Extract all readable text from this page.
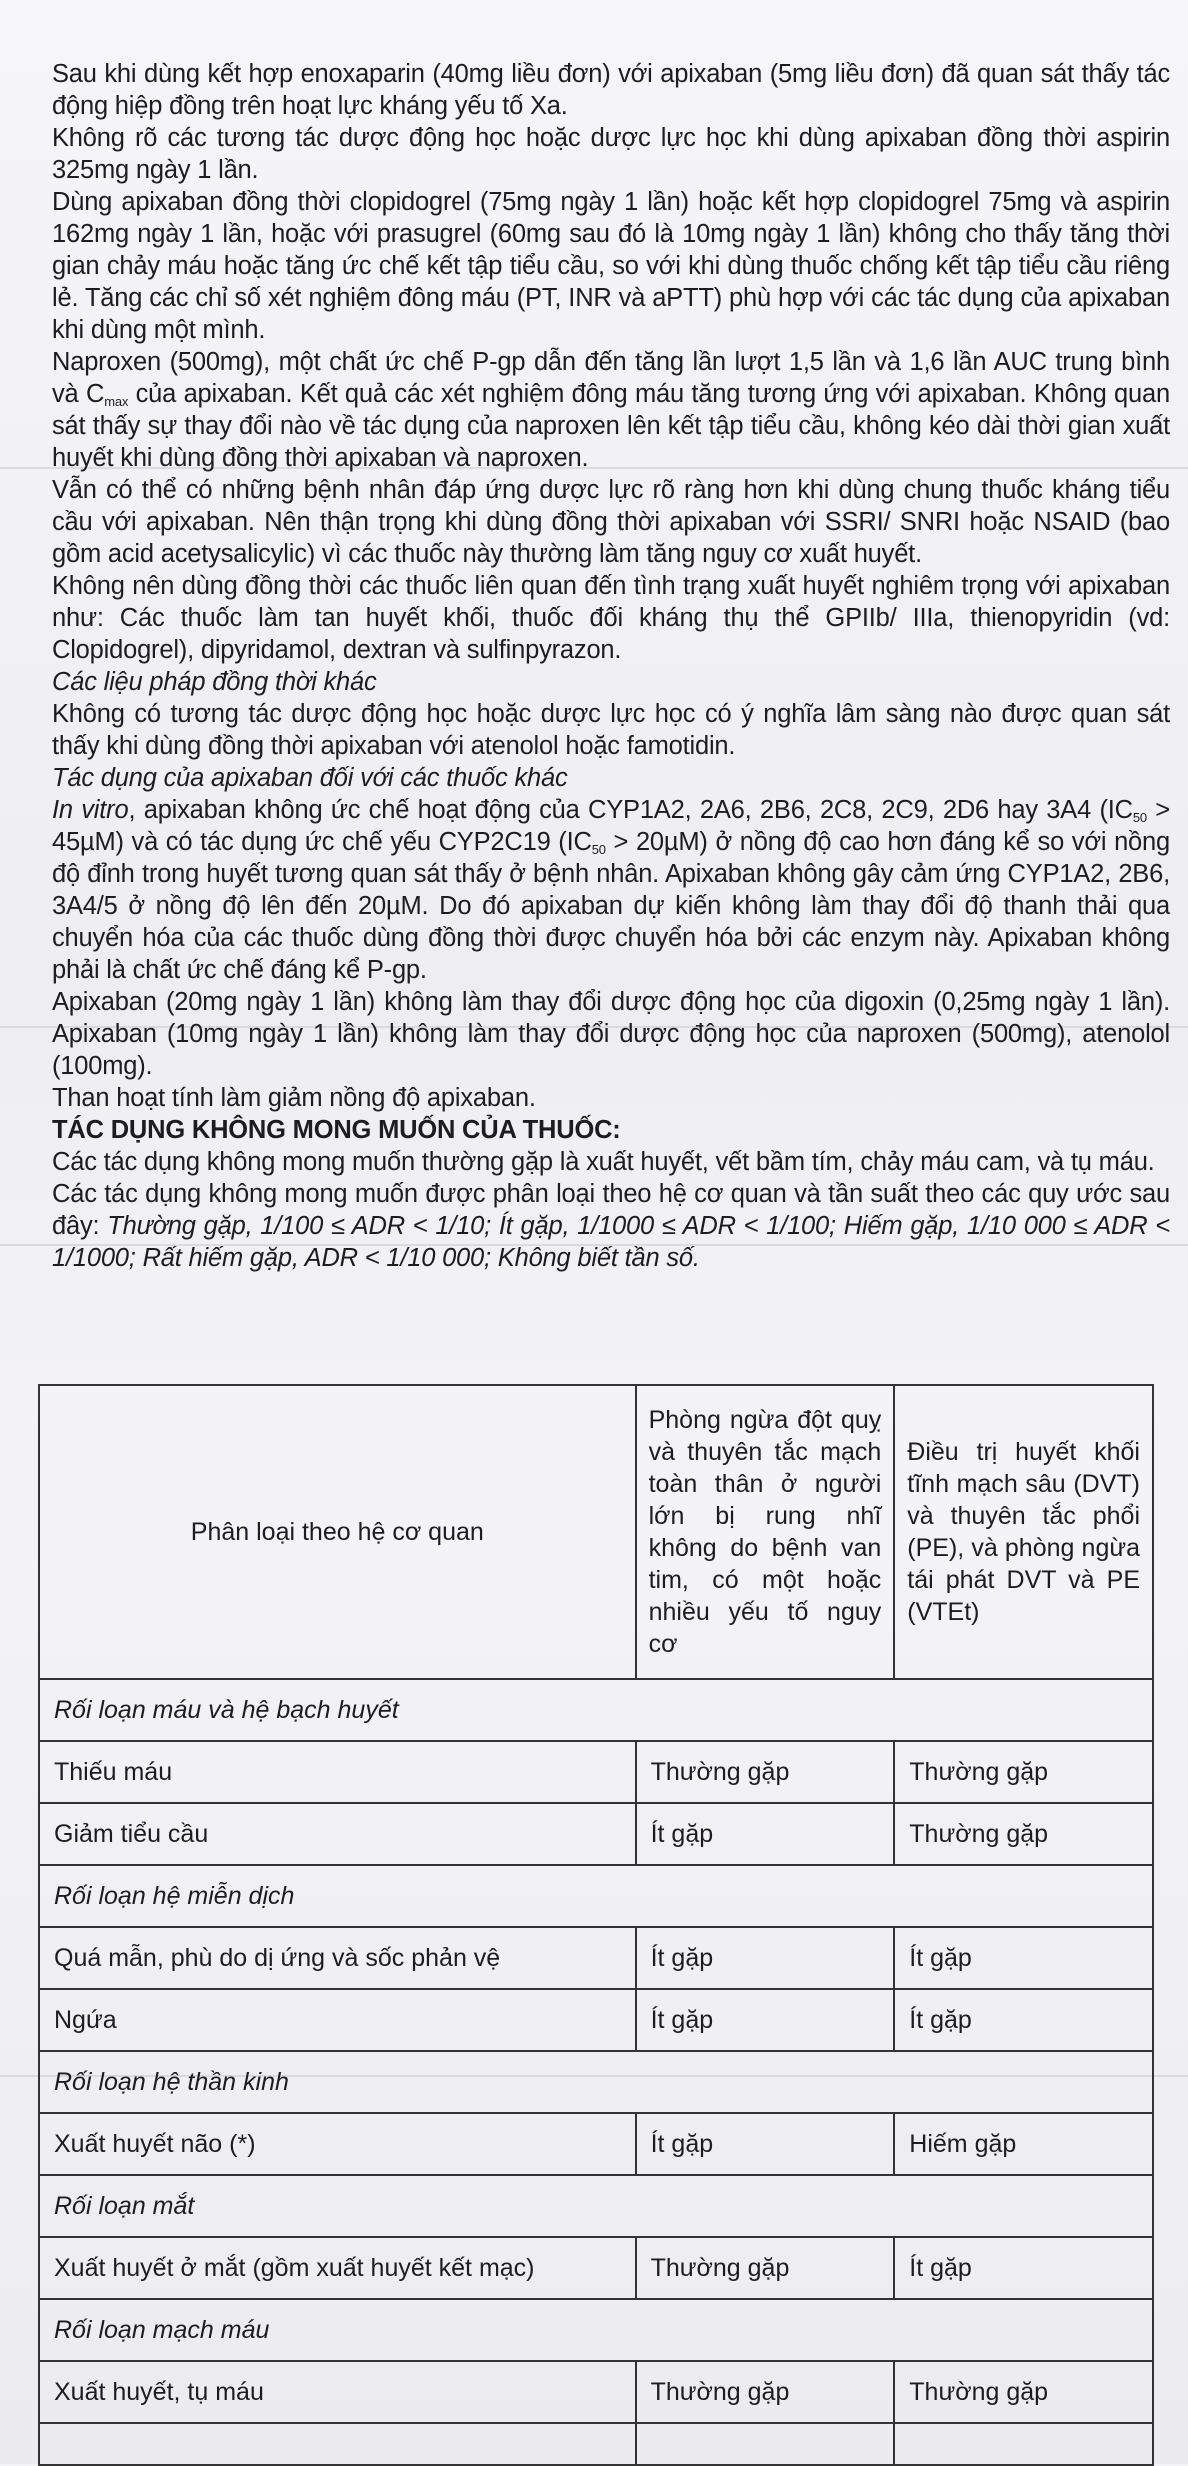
Sau khi dùng kết hợp enoxaparin (40mg liều đơn) với apixaban (5mg liều đơn) đã quan sát thấy tác động hiệp đồng trên hoạt lực kháng yếu tố Xa.

Không rõ các tương tác dược động học hoặc dược lực học khi dùng apixaban đồng thời aspirin 325mg ngày 1 lần.

Dùng apixaban đồng thời clopidogrel (75mg ngày 1 lần) hoặc kết hợp clopidogrel 75mg và aspirin 162mg ngày 1 lần, hoặc với prasugrel (60mg sau đó là 10mg ngày 1 lần) không cho thấy tăng thời gian chảy máu hoặc tăng ức chế kết tập tiểu cầu, so với khi dùng thuốc chống kết tập tiểu cầu riêng lẻ. Tăng các chỉ số xét nghiệm đông máu (PT, INR và aPTT) phù hợp với các tác dụng của apixaban khi dùng một mình.

Naproxen (500mg), một chất ức chế P-gp dẫn đến tăng lần lượt 1,5 lần và 1,6 lần AUC trung bình và $C_{max}$ của apixaban. Kết quả các xét nghiệm đông máu tăng tương ứng với apixaban. Không quan sát thấy sự thay đổi nào về tác dụng của naproxen lên kết tập tiểu cầu, không kéo dài thời gian xuất huyết khi dùng đồng thời apixaban và naproxen.

Vẫn có thể có những bệnh nhân đáp ứng dược lực rõ ràng hơn khi dùng chung thuốc kháng tiểu cầu với apixaban. Nên thận trọng khi dùng đồng thời apixaban với SSRI/ SNRI hoặc NSAID (bao gồm acid acetysalicylic) vì các thuốc này thường làm tăng nguy cơ xuất huyết.

Không nên dùng đồng thời các thuốc liên quan đến tình trạng xuất huyết nghiêm trọng với apixaban như: Các thuốc làm tan huyết khối, thuốc đối kháng thụ thể GPIIb/ IIIa, thienopyridin (vd: Clopidogrel), dipyridamol, dextran và sulfinpyrazon.

Các liệu pháp đồng thời khác

Không có tương tác dược động học hoặc dược lực học có ý nghĩa lâm sàng nào được quan sát thấy khi dùng đồng thời apixaban với atenolol hoặc famotidin.

Tác dụng của apixaban đối với các thuốc khác

In vitro, apixaban không ức chế hoạt động của CYP1A2, 2A6, 2B6, 2C8, 2C9, 2D6 hay 3A4 $(IC_{50} > 45\mu M)$ và có tác dụng ức chế yếu CYP2C19 $(IC_{50} > 20\mu M)$ ở nồng độ cao hơn đáng kể so với nồng độ đỉnh trong huyết tương quan sát thấy ở bệnh nhân. Apixaban không gây cảm ứng CYP1A2, 2B6, 3A4/5 ở nồng độ lên đến 20µM. Do đó apixaban dự kiến không làm thay đổi độ thanh thải qua chuyển hóa của các thuốc dùng đồng thời được chuyển hóa bởi các enzym này. Apixaban không phải là chất ức chế đáng kể P-gp.

Apixaban (20mg ngày 1 lần) không làm thay đổi dược động học của digoxin (0,25mg ngày 1 lần). Apixaban (10mg ngày 1 lần) không làm thay đổi dược động học của naproxen (500mg), atenolol (100mg).

Than hoạt tính làm giảm nồng độ apixaban.

TÁC DỤNG KHÔNG MONG MUỐN CỦA THUỐC:

Các tác dụng không mong muốn thường gặp là xuất huyết, vết bầm tím, chảy máu cam, và tụ máu.

Các tác dụng không mong muốn được phân loại theo hệ cơ quan và tần suất theo các quy ước sau đây: Thường gặp, 1/100 ≤ ADR < 1/10; Ít gặp, 1/1000 ≤ ADR < 1/100; Hiếm gặp, 1/10 000 ≤ ADR < 1/1000; Rất hiếm gặp, ADR < 1/10 000; Không biết tần số.

Phân loại theo hệ cơ quan	Phòng ngừa đột quỵ và thuyên tắc mạch toàn thân ở người lớn bị rung nhĩ không do bệnh van tim, có một hoặc nhiều yếu tố nguy cơ	Điều trị huyết khối tĩnh mạch sâu (DVT) và thuyên tắc phổi (PE), và phòng ngừa tái phát DVT và PE (VTEt)
Rối loạn máu và hệ bạch huyết		
Thiếu máu	Thường gặp	Thường gặp
Giảm tiểu cầu	Ít gặp	Thường gặp
Rối loạn hệ miễn dịch		
Quá mẫn, phù do dị ứng và sốc phản vệ	Ít gặp	Ít gặp
Ngứa	Ít gặp	Ít gặp
Rối loạn hệ thần kinh		
Xuất huyết não (*)	Ít gặp	Hiếm gặp
Rối loạn mắt		
Xuất huyết ở mắt (gồm xuất huyết kết mạc)	Thường gặp	Ít gặp
Rối loạn mạch máu		
Xuất huyết, tụ máu	Thường gặp	Thường gặp
